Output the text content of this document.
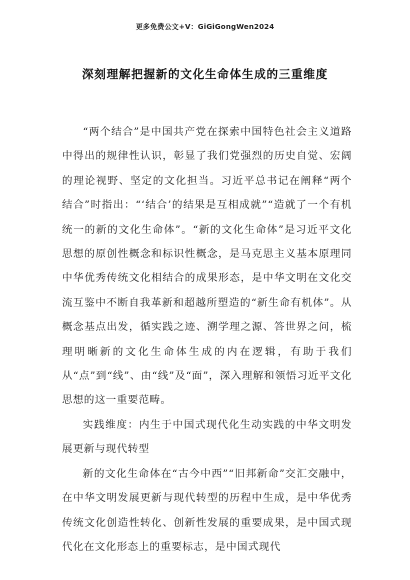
更多免费公文+V：GiGiGongWen2024
深刻理解把握新的文化生命体生成的三重维度

“两个结合”是中国共产党在探索中国特色社会主义道路中得出的规律性认识，彰显了我们党强烈的历史自觉、宏阔的理论视野、坚定的文化担当。习近平总书记在阐释“两个结合”时指出：“‘结合’的结果是互相成就”“造就了一个有机统一的新的文化生命体”。“新的文化生命体”是习近平文化思想的原创性概念和标识性概念，是马克思主义基本原理同中华优秀传统文化相结合的成果形态，是中华文明在文化交流互鉴中不断自我革新和超越所塑造的“新生命有机体”。从概念基点出发，循实践之迹、溯学理之源、答世界之问，梳理明晰新的文化生命体生成的内在逻辑，有助于我们从“点”到“线”、由“线”及“面”，深入理解和领悟习近平文化思想的这一重要范畴。

实践维度：内生于中国式现代化生动实践的中华文明发展更新与现代转型

新的文化生命体在“古今中西”“旧邦新命”交汇交融中，在中华文明发展更新与现代转型的历程中生成，是中华优秀传统文化创造性转化、创新性发展的重要成果，是中国式现代化在文化形态上的重要标志，是中国式现代
